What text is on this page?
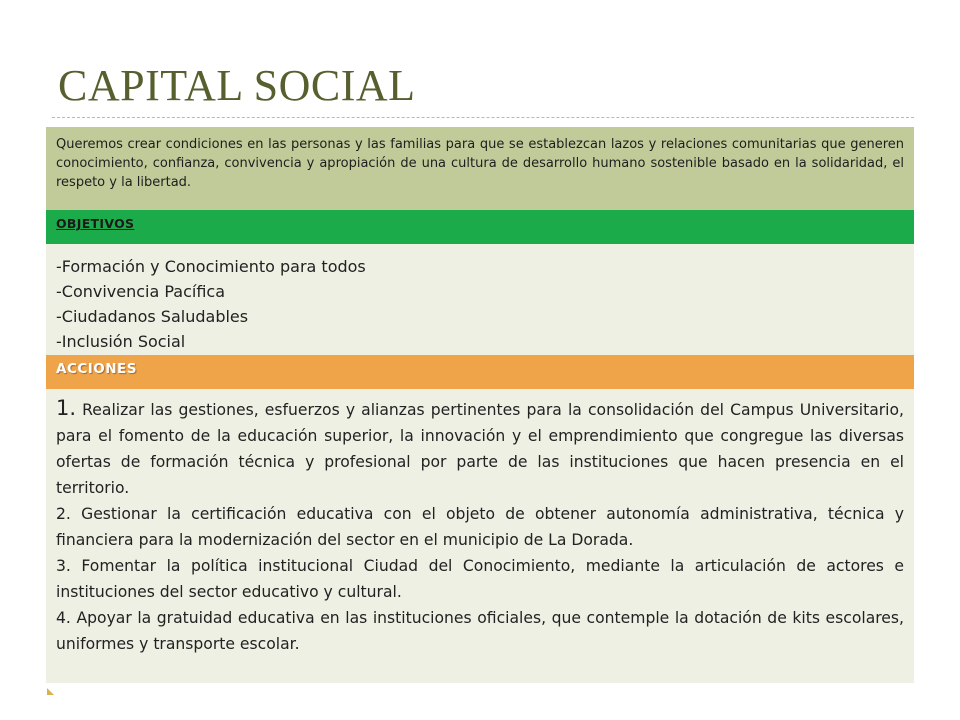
CAPITAL SOCIAL
Queremos crear condiciones en las personas y las familias para que se establezcan lazos y relaciones comunitarias que generen conocimiento, confianza, convivencia y apropiación de una cultura de desarrollo humano sostenible basado en la solidaridad, el respeto y la libertad.
OBJETIVOS
-Formación y Conocimiento para todos
-Convivencia Pacífica
-Ciudadanos Saludables
-Inclusión Social
ACCIONES

1. Realizar las gestiones, esfuerzos y alianzas pertinentes para la consolidación del Campus Universitario, para el fomento de la educación superior, la innovación y el emprendimiento que congregue las diversas ofertas de formación técnica y profesional por parte de las instituciones que hacen presencia en el territorio.

2. Gestionar la certificación educativa con el objeto de obtener autonomía administrativa, técnica y financiera para la modernización del sector en el municipio de La Dorada.

3. Fomentar la política institucional Ciudad del Conocimiento, mediante la articulación de actores e instituciones del sector educativo y cultural.

4. Apoyar la gratuidad educativa en las instituciones oficiales, que contemple la dotación de kits escolares, uniformes y transporte escolar.
